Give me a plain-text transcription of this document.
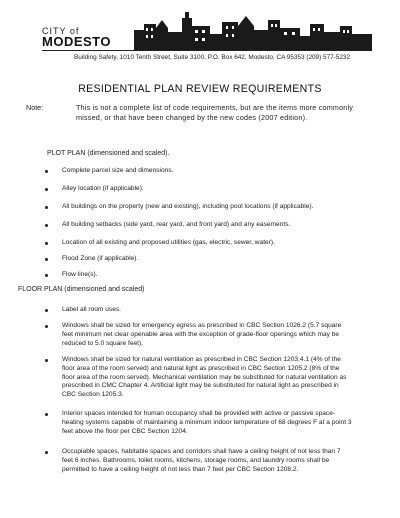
CITY of
MODESTO
Building Safety, 1010 Tenth Street, Suite 3100, P.O. Box 642, Modesto, CA 95353 (209) 577-5232
RESIDENTIAL PLAN REVIEW REQUIREMENTS
Note:	This is not a complete list of code requirements, but are the items more commonly missed, or that have been changed by the new codes (2007 edition).
PLOT PLAN (dimensioned and scaled).
Complete parcel size and dimensions.
Alley location (if applicable).
All buildings on the property (new and existing), including pool locations (if applicable).
All building setbacks (side yard, rear yard, and front yard) and any easements.
Location of all existing and proposed utilities (gas, electric, sewer, water).
Flood Zone (if applicable).
Flow line(s).
FLOOR PLAN (dimensioned and scaled)
Label all room uses.
Windows shall be sized for emergency egress as prescribed in CBC Section 1026.2 (5.7 square feet minimum net clear openable area with the exception of grade-floor openings which may be reduced to 5.0 square feet).
Windows shall be sized for natural ventilation as prescribed in CBC Section 1203.4.1 (4% of the floor area of the room served) and natural light as prescribed in CBC Section 1205.2 (8% of the floor area of the room served). Mechanical ventilation may be substituted for natural ventilation as prescribed in CMC Chapter 4. Artificial light may be substituted for natural light as prescribed in CBC Section 1205.3.
Interior spaces intended for human occupancy shall be provided with active or passive space-heating systems capable of maintaining a minimum indoor temperature of 68 degrees F at a point 3 feet above the floor per CBC Section 1204.
Occupiable spaces, habitable spaces and corridors shall have a ceiling height of not less than 7 feet 6 inches. Bathrooms, toilet rooms, kitchens, storage rooms, and laundry rooms shall be permitted to have a ceiling height of not less than 7 feet per CBC Section 1208.2.
